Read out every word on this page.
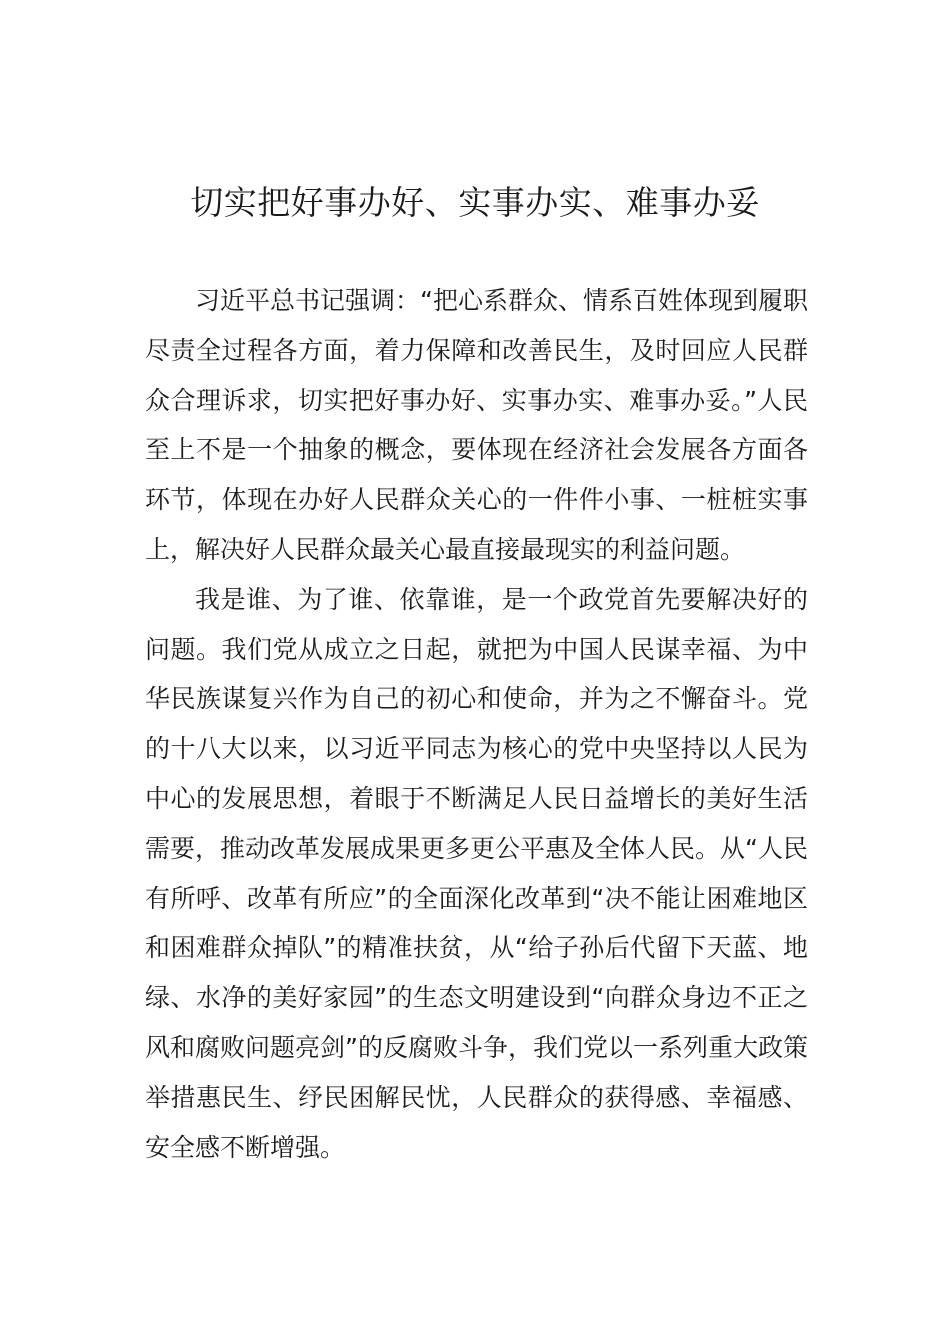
切实把好事办好、实事办实、难事办妥

习近平总书记强调：“把心系群众、情系百姓体现到履职尽责全过程各方面，着力保障和改善民生，及时回应人民群众合理诉求，切实把好事办好、实事办实、难事办妥。”人民至上不是一个抽象的概念，要体现在经济社会发展各方面各环节，体现在办好人民群众关心的一件件小事、一桩桩实事上，解决好人民群众最关心最直接最现实的利益问题。

我是谁、为了谁、依靠谁，是一个政党首先要解决好的问题。我们党从成立之日起，就把为中国人民谋幸福、为中华民族谋复兴作为自己的初心和使命，并为之不懈奋斗。党的十八大以来，以习近平同志为核心的党中央坚持以人民为中心的发展思想，着眼于不断满足人民日益增长的美好生活需要，推动改革发展成果更多更公平惠及全体人民。从“人民有所呼、改革有所应”的全面深化改革到“决不能让困难地区和困难群众掉队”的精准扶贫，从“给子孙后代留下天蓝、地绿、水净的美好家园”的生态文明建设到“向群众身边不正之风和腐败问题亮剑”的反腐败斗争，我们党以一系列重大政策举措惠民生、纾民困解民忧，人民群众的获得感、幸福感、安全感不断增强。
